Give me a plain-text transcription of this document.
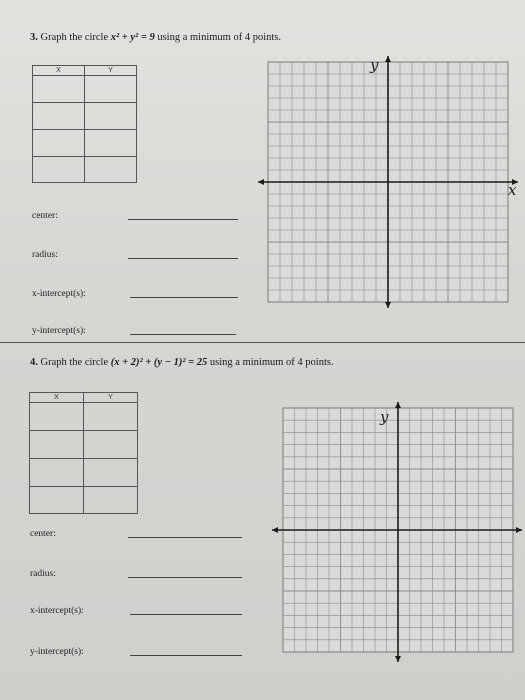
3. Graph the circle x² + y² = 9 using a minimum of 4 points.
X	Y

center:
radius:
x-intercept(s):
y-intercept(s):
4. Graph the circle (x + 2)² + (y − 1)² = 25 using a minimum of 4 points.
X	Y

center:
radius:
x-intercept(s):
y-intercept(s):
x
y
y
